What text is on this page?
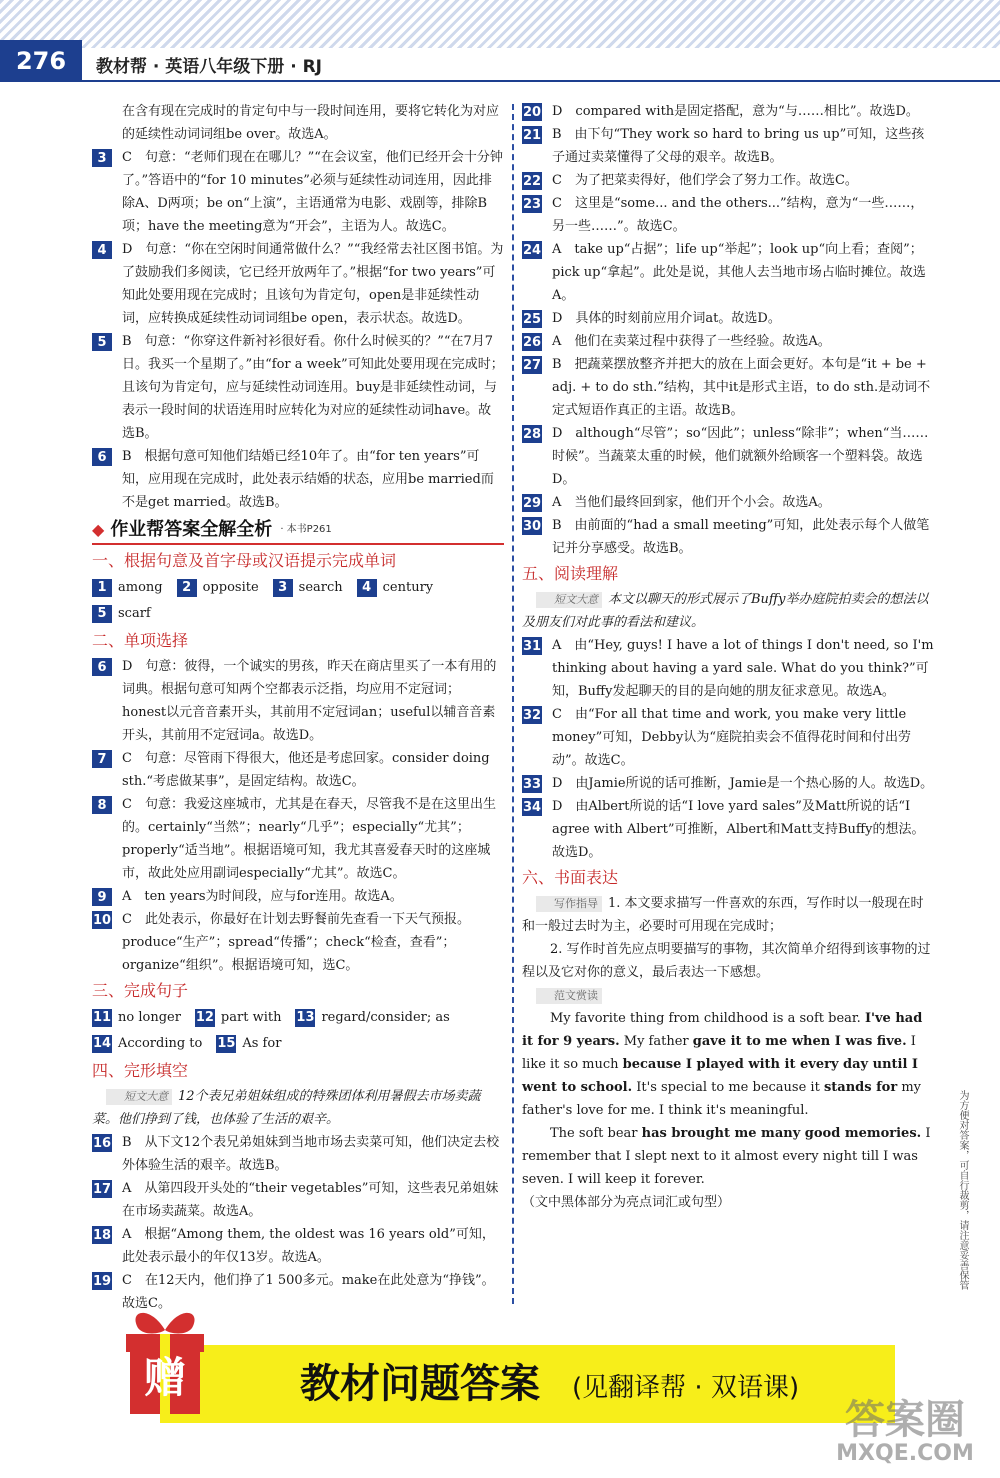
276	教材帮 · 英语八年级下册 · RJ

在含有现在完成时的肯定句中与一段时间连用，要将它转化为对应的延续性动词词组be over。故选A。

3	C　句意：“老师们现在在哪儿？”“在会议室，他们已经开会十分钟了。”答语中的“for 10 minutes”必须与延续性动词连用，因此排除A、D两项；be on“上演”，主语通常为电影、戏剧等，排除B项；have the meeting意为“开会”，主语为人。故选C。

4	D　句意：“你在空闲时间通常做什么？”“我经常去社区图书馆。为了鼓励我们多阅读，它已经开放两年了。”根据“for two years”可知此处要用现在完成时；且该句为肯定句，open是非延续性动词，应转换成延续性动词词组be open，表示状态。故选D。

5	B　句意：“你穿这件新衬衫很好看。你什么时候买的？”“在7月7日。我买一个星期了。”由“for a week”可知此处要用现在完成时；且该句为肯定句，应与延续性动词连用。buy是非延续性动词，与表示一段时间的状语连用时应转化为对应的延续性动词have。故选B。

6	B　根据句意可知他们结婚已经10年了。由“for ten years”可知，应用现在完成时，此处表示结婚的状态，应用be married而不是get married。故选B。

◆ 作业帮答案全解全析 · 本书P261
一、根据句意及首字母或汉语提示完成单词
1 among	2 opposite	3 search	4 century
5 scarf
二、单项选择

6	D　句意：彼得，一个诚实的男孩，昨天在商店里买了一本有用的词典。根据句意可知两个空都表示泛指，均应用不定冠词；honest以元音音素开头，其前用不定冠词an；useful以辅音音素开头，其前用不定冠词a。故选D。

7	C　句意：尽管雨下得很大，他还是考虑回家。consider doing sth.“考虑做某事”，是固定结构。故选C。

8	C　句意：我爱这座城市，尤其是在春天，尽管我不是在这里出生的。certainly“当然”；nearly“几乎”；especially“尤其”；properly“适当地”。根据语境可知，我尤其喜爱春天时的这座城市，故此处应用副词especially“尤其”。故选C。

9	A　ten years为时间段，应与for连用。故选A。

10 C　此处表示，你最好在计划去野餐前先查看一下天气预报。produce“生产”；spread“传播”；check“检查，查看”；organize“组织”。根据语境可知，选C。

三、完成句子
11 no longer 12 part with 13 regard/consider; as
14 According to 15 As for
四、完形填空

短文大意 12个表兄弟姐妹组成的特殊团体利用暑假去市场卖蔬菜。他们挣到了钱，也体验了生活的艰辛。

16 B　从下文12个表兄弟姐妹到当地市场去卖菜可知，他们决定去校外体验生活的艰辛。故选B。

17 A　从第四段开头处的“their vegetables”可知，这些表兄弟姐妹在市场卖蔬菜。故选A。

18 A　根据“Among them, the oldest was 16 years old”可知，此处表示最小的年仅13岁。故选A。

19 C　在12天内，他们挣了1 500多元。make在此处意为“挣钱”。故选C。

20 D　compared with是固定搭配，意为“与……相比”。故选D。

21 B　由下句“They work so hard to bring us up”可知，这些孩子通过卖菜懂得了父母的艰辛。故选B。

22 C　为了把菜卖得好，他们学会了努力工作。故选C。

23 C　这里是“some... and the others...”结构，意为“一些……，另一些……”。故选C。

24 A　take up“占据”；life up“举起”；look up“向上看；查阅”；pick up“拿起”。此处是说，其他人去当地市场占临时摊位。故选A。

25 D　具体的时刻前应用介词at。故选D。

26 A　他们在卖菜过程中获得了一些经验。故选A。

27 B　把蔬菜摆放整齐并把大的放在上面会更好。本句是“it + be + adj. + to do sth.”结构，其中it是形式主语，to do sth.是动词不定式短语作真正的主语。故选B。

28 D　although“尽管”；so“因此”；unless“除非”；when“当……时候”。当蔬菜太重的时候，他们就额外给顾客一个塑料袋。故选D。

29 A　当他们最终回到家，他们开个小会。故选A。

30 B　由前面的“had a small meeting”可知，此处表示每个人做笔记并分享感受。故选B。

五、阅读理解

短文大意 本文以聊天的形式展示了Buffy举办庭院拍卖会的想法以及朋友们对此事的看法和建议。

31 A　由“Hey, guys! I have a lot of things I don't need, so I'm thinking about having a yard sale. What do you think?”可知，Buffy发起聊天的目的是向她的朋友征求意见。故选A。

32 C　由“For all that time and work, you make very little money”可知，Debby认为“庭院拍卖会不值得花时间和付出劳动”。故选C。

33 D　由Jamie所说的话可推断，Jamie是一个热心肠的人。故选D。

34 D　由Albert所说的话“I love yard sales”及Matt所说的话“I agree with Albert”可推断，Albert和Matt支持Buffy的想法。故选D。

六、书面表达

写作指导 1. 本文要求描写一件喜欢的东西，写作时以一般现在时和一般过去时为主，必要时可用现在完成时；

2. 写作时首先应点明要描写的事物，其次简单介绍得到该事物的过程以及它对你的意义，最后表达一下感想。

范文赏读

My favorite thing from childhood is a soft bear. I've had it for 9 years. My father gave it to me when I was five. I like it so much because I played with it every day until I went to school. It's special to me because it stands for my father's love for me. I think it's meaningful.

The soft bear has brought me many good memories. I remember that I slept next to it almost every night till I was seven. I will keep it forever.

（文中黑体部分为亮点词汇或句型）	为方便对答案，可自行裁剪，请注意妥善保管
赠	教材问题答案 (见翻译帮 · 双语课)
答案圈
MXQE.COM
